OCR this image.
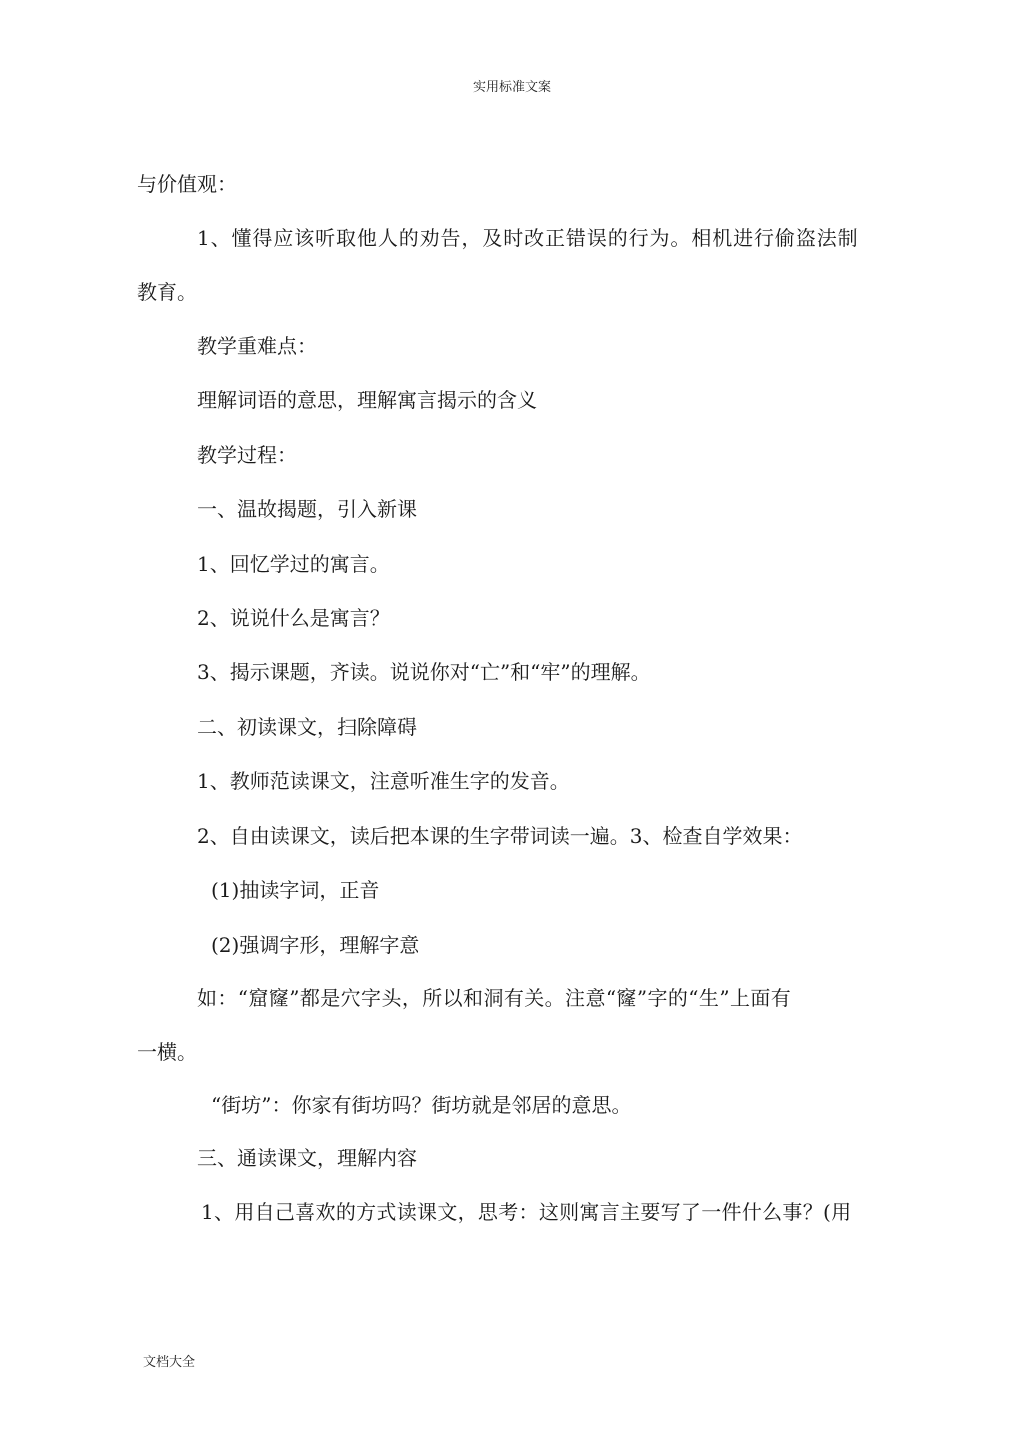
实用标准文案
与价值观：
1、懂得应该听取他人的劝告，及时改正错误的行为。相机进行偷盗法制
教育。
教学重难点：
理解词语的意思，理解寓言揭示的含义
教学过程：
一、温故揭题，引入新课
1、回忆学过的寓言。
2、说说什么是寓言？
3、揭示课题，齐读。说说你对“亡”和“牢”的理解。
二、初读课文，扫除障碍
1、教师范读课文，注意听准生字的发音。
2、自由读课文，读后把本课的生字带词读一遍。3、检查自学效果：
(1)抽读字词，正音
(2)强调字形，理解字意
如：“窟窿”都是穴字头，所以和洞有关。注意“窿”字的“生”上面有
一横。
“街坊”：你家有街坊吗？街坊就是邻居的意思。
三、通读课文，理解内容
1、用自己喜欢的方式读课文，思考：这则寓言主要写了一件什么事？(用
文档大全
